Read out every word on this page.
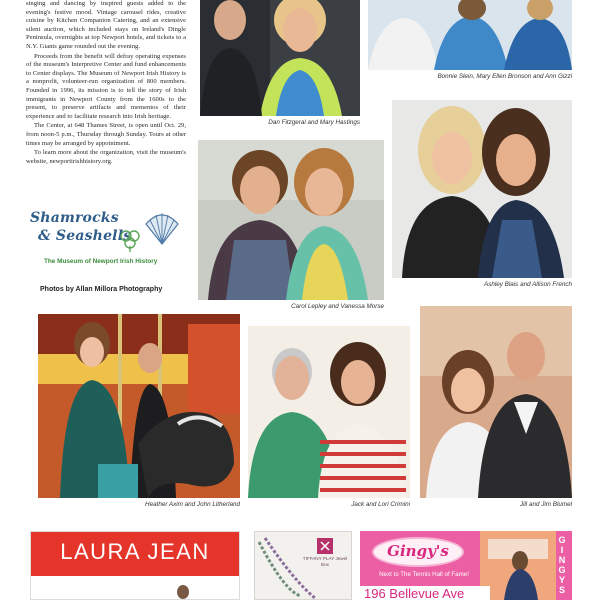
singing and dancing by inspired guests added to the evening's festive mood. Vintage carousel rides, creative cuisine by Kitchen Companion Catering, and an extensive silent auction, which included stays on Ireland's Dingle Peninsula, overnights at top Newport hotels, and tickets to a N.Y. Giants game rounded out the evening.

Proceeds from the benefit will defray operating expenses of the museum's Interpretive Center and fund enhancements to Center displays. The Museum of Newport Irish History is a nonprofit, volunteer-run organization of 800 members. Founded in 1996, its mission is to tell the story of Irish immigrants in Newport County from the 1600s to the present, to preserve artifacts and mementos of their experience and to facilitate research into Irish heritage.

The Center, at 648 Thames Street, is open until Oct. 29, from noon-5 p.m., Thursday through Sunday. Tours at other times may be arranged by appointment.

To learn more about the organization, visit the museum's website, newportirishhistory.org.

Shamrocks
& Seashells
The Museum of Newport Irish History
Photos by Allan Millora Photography
Dan Fitzgeral and Mary Hastings
Bonnie Slein, Mary Ellen Bronson and Ann Gizzi
Carol Lepley and Vanessa Morse
Ashley Blais and Allison French
Heather Axim and John Litherland	Jack and Lori Crimini	Jill and Jim Blumel
LAURA JEAN	TIFFANY PLAY Jewel Box
Gingy's
Next to The Tennis Hall of Fame!
196 Bellevue Ave
G
I
N
G
Y
S
